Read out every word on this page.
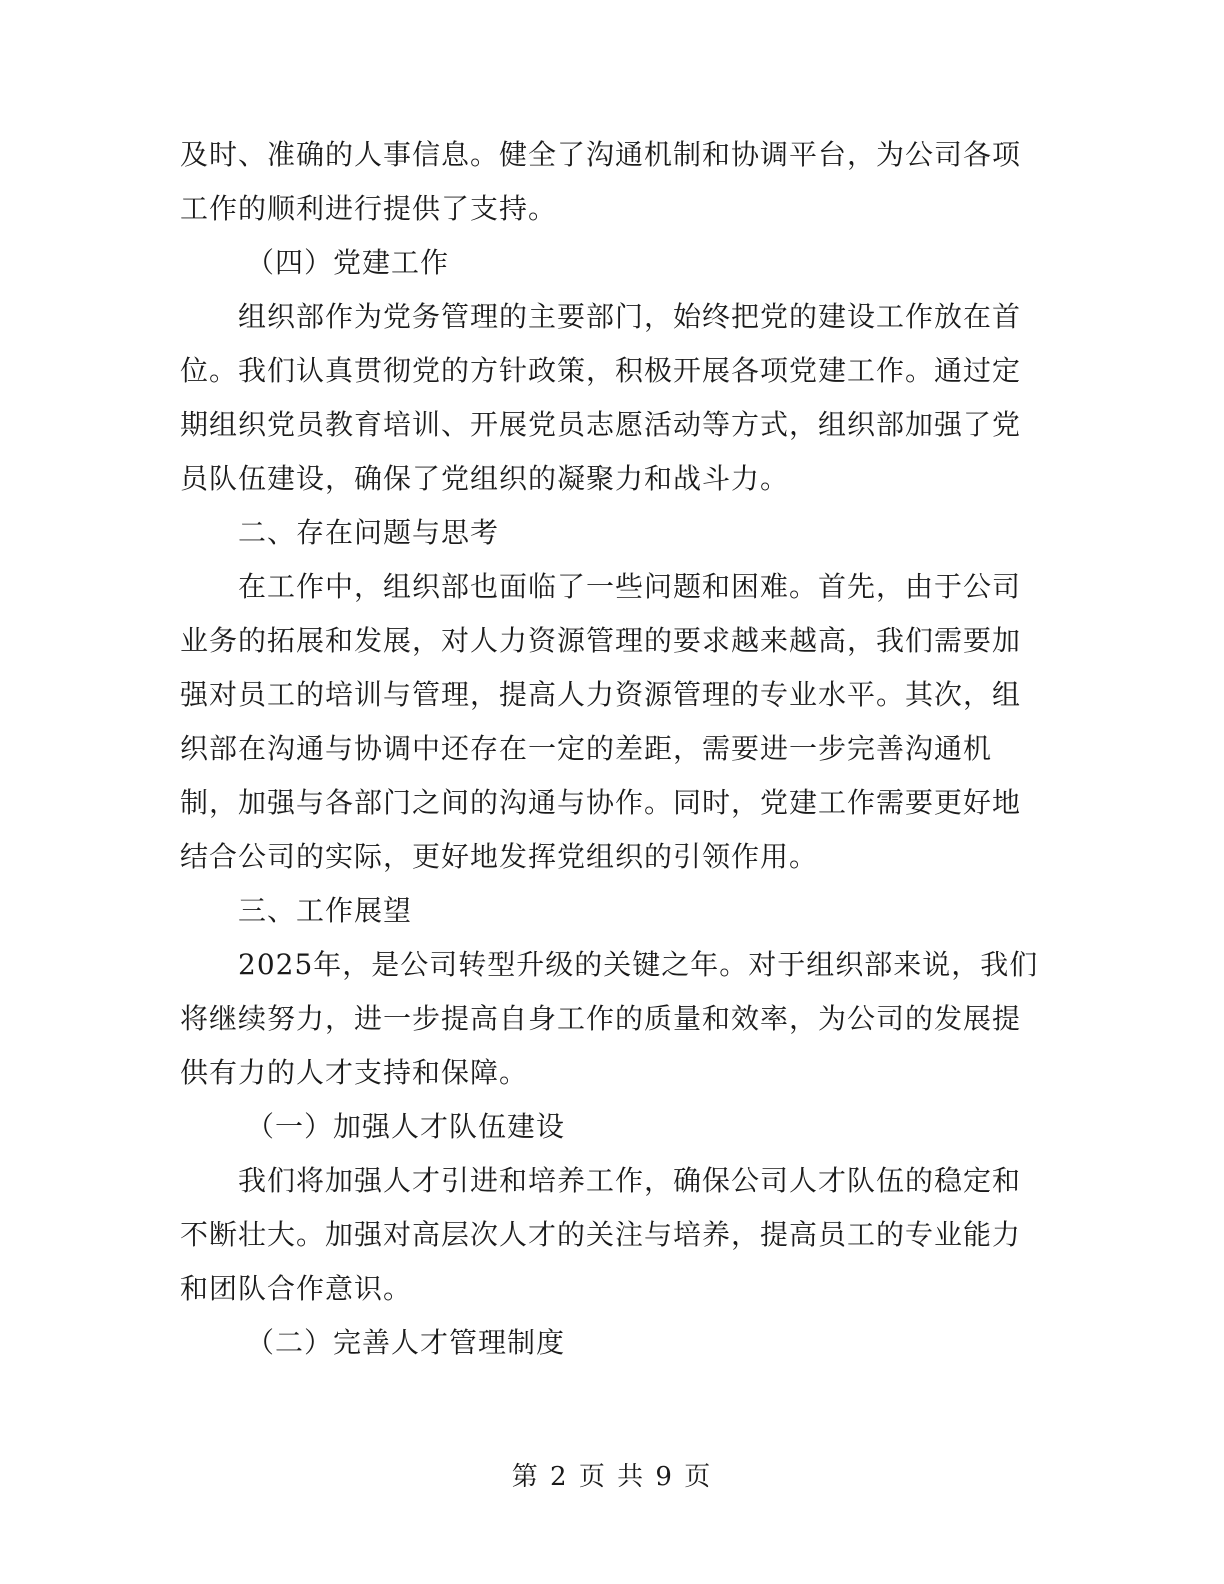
及时、准确的人事信息。健全了沟通机制和协调平台，为公司各项工作的顺利进行提供了支持。

（四）党建工作

组织部作为党务管理的主要部门，始终把党的建设工作放在首位。我们认真贯彻党的方针政策，积极开展各项党建工作。通过定期组织党员教育培训、开展党员志愿活动等方式，组织部加强了党员队伍建设，确保了党组织的凝聚力和战斗力。

二、存在问题与思考

在工作中，组织部也面临了一些问题和困难。首先，由于公司业务的拓展和发展，对人力资源管理的要求越来越高，我们需要加强对员工的培训与管理，提高人力资源管理的专业水平。其次，组织部在沟通与协调中还存在一定的差距，需要进一步完善沟通机制，加强与各部门之间的沟通与协作。同时，党建工作需要更好地结合公司的实际，更好地发挥党组织的引领作用。

三、工作展望

2025年，是公司转型升级的关键之年。对于组织部来说，我们将继续努力，进一步提高自身工作的质量和效率，为公司的发展提供有力的人才支持和保障。

（一）加强人才队伍建设

我们将加强人才引进和培养工作，确保公司人才队伍的稳定和不断壮大。加强对高层次人才的关注与培养，提高员工的专业能力和团队合作意识。

（二）完善人才管理制度

第 2 页 共 9 页
